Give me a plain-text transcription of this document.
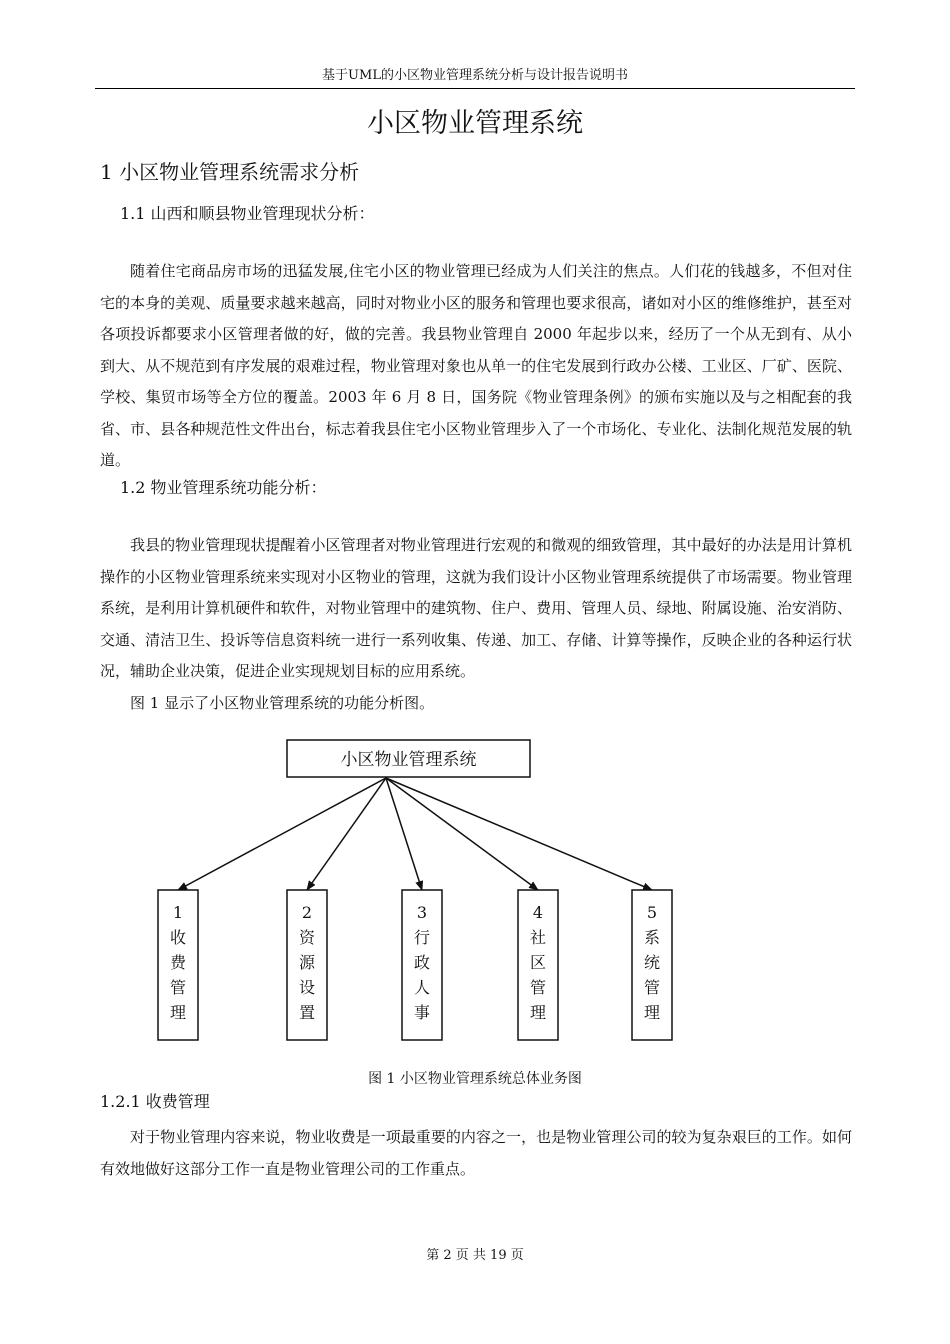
基于UML的小区物业管理系统分析与设计报告说明书
小区物业管理系统
1 小区物业管理系统需求分析
1.1 山西和顺县物业管理现状分析：
随着住宅商品房市场的迅猛发展,住宅小区的物业管理已经成为人们关注的焦点。人们花的钱越多，不但对住宅的本身的美观、质量要求越来越高，同时对物业小区的服务和管理也要求很高，诸如对小区的维修维护，甚至对各项投诉都要求小区管理者做的好，做的完善。我县物业管理自 2000 年起步以来，经历了一个从无到有、从小到大、从不规范到有序发展的艰难过程，物业管理对象也从单一的住宅发展到行政办公楼、工业区、厂矿、医院、学校、集贸市场等全方位的覆盖。2003 年 6 月 8 日，国务院《物业管理条例》的颁布实施以及与之相配套的我省、市、县各种规范性文件出台，标志着我县住宅小区物业管理步入了一个市场化、专业化、法制化规范发展的轨道。
1.2 物业管理系统功能分析：
我县的物业管理现状提醒着小区管理者对物业管理进行宏观的和微观的细致管理，其中最好的办法是用计算机操作的小区物业管理系统来实现对小区物业的管理，这就为我们设计小区物业管理系统提供了市场需要。物业管理系统，是利用计算机硬件和软件，对物业管理中的建筑物、住户、费用、管理人员、绿地、附属设施、治安消防、交通、清洁卫生、投诉等信息资料统一进行一系列收集、传递、加工、存储、计算等操作，反映企业的各种运行状况，辅助企业决策，促进企业实现规划目标的应用系统。
图 1 显示了小区物业管理系统的功能分析图。
小区物业管理系统
1
收
费
管
理
2
资
源
设
置
3
行
政
人
事
4
社
区
管
理
5
系
统
管
理
图 1 小区物业管理系统总体业务图
1.2.1 收费管理
对于物业管理内容来说，物业收费是一项最重要的内容之一，也是物业管理公司的较为复杂艰巨的工作。如何有效地做好这部分工作一直是物业管理公司的工作重点。
第 2 页 共 19 页
